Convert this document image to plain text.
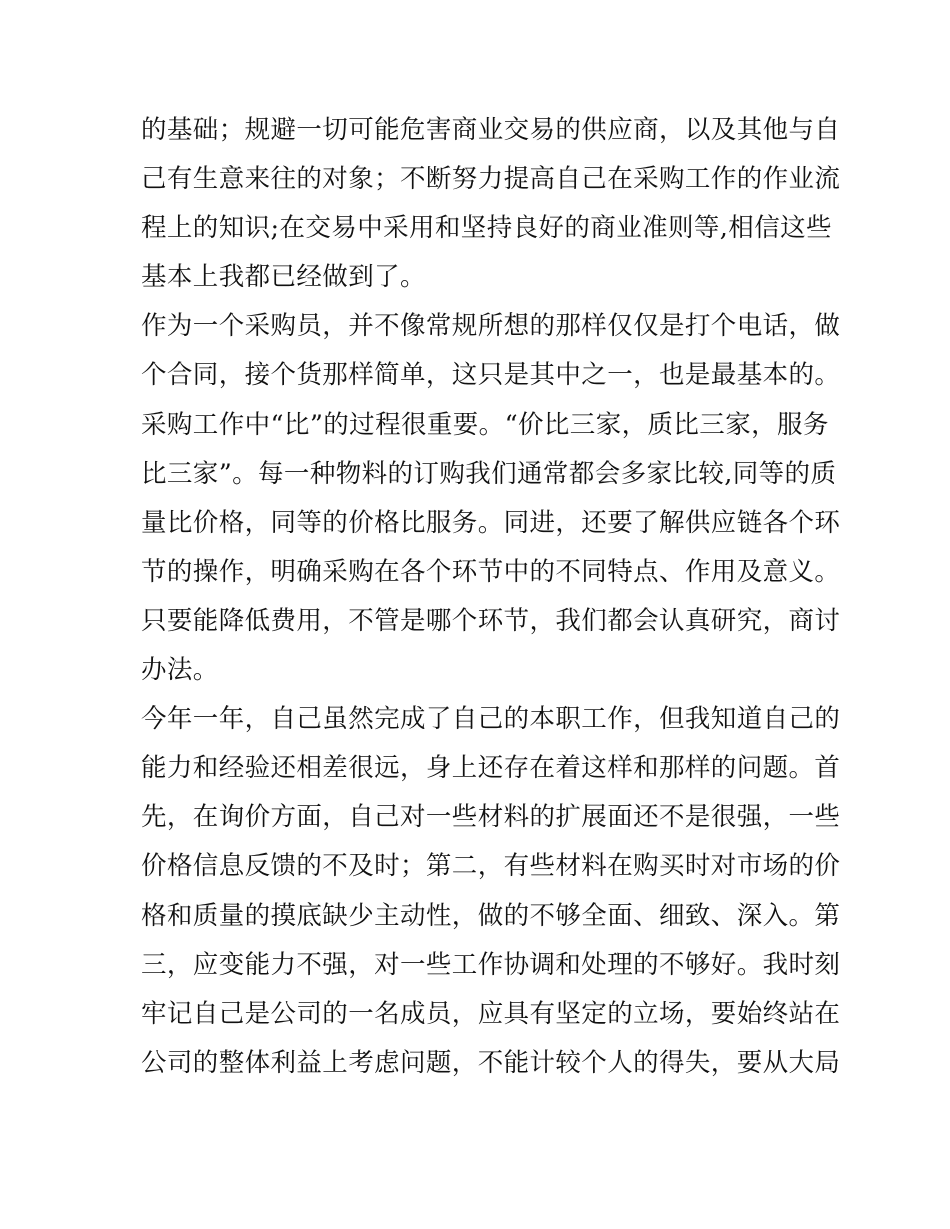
的基础；规避一切可能危害商业交易的供应商，以及其他与自
己有生意来往的对象；不断努力提高自己在采购工作的作业流
程上的知识;在交易中采用和坚持良好的商业准则等,相信这些
基本上我都已经做到了。
作为一个采购员，并不像常规所想的那样仅仅是打个电话，做
个合同，接个货那样简单，这只是其中之一，也是最基本的。
采购工作中“比”的过程很重要。“价比三家，质比三家，服务
比三家”。每一种物料的订购我们通常都会多家比较,同等的质
量比价格，同等的价格比服务。同进，还要了解供应链各个环
节的操作，明确采购在各个环节中的不同特点、作用及意义。
只要能降低费用，不管是哪个环节，我们都会认真研究，商讨
办法。
今年一年，自己虽然完成了自己的本职工作，但我知道自己的
能力和经验还相差很远，身上还存在着这样和那样的问题。首
先，在询价方面，自己对一些材料的扩展面还不是很强，一些
价格信息反馈的不及时；第二，有些材料在购买时对市场的价
格和质量的摸底缺少主动性，做的不够全面、细致、深入。第
三，应变能力不强，对一些工作协调和处理的不够好。我时刻
牢记自己是公司的一名成员，应具有坚定的立场，要始终站在
公司的整体利益上考虑问题，不能计较个人的得失，要从大局
